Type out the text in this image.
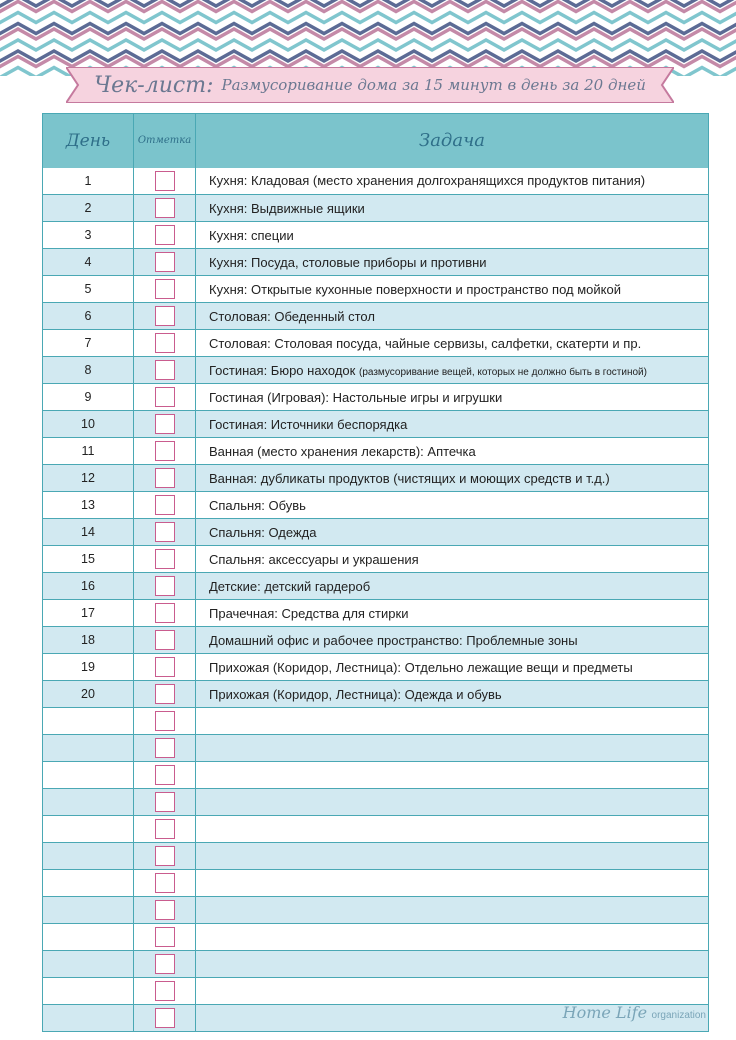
Чек-лист: Размусоривание дома за 15 минут в день за 20 дней
День	Отметка	Задача
1		Кухня: Кладовая (место хранения долгохранящихся продуктов питания)
2		Кухня: Выдвижные ящики
3		Кухня: специи
4		Кухня: Посуда, столовые приборы и противни
5		Кухня: Открытые кухонные поверхности и пространство под мойкой
6		Столовая: Обеденный стол
7		Столовая: Столовая посуда, чайные сервизы, салфетки, скатерти и пр.
8		Гостиная: Бюро находок (размусоривание вещей, которых не должно быть в гостиной)
9		Гостиная (Игровая): Настольные игры и игрушки
10		Гостиная: Источники беспорядка
11		Ванная (место хранения лекарств): Аптечка
12		Ванная: дубликаты продуктов (чистящих и моющих средств и т.д.)
13		Спальня: Обувь
14		Спальня: Одежда
15		Спальня: аксессуары и украшения
16		Детские: детский гардероб
17		Прачечная: Средства для стирки
18		Домашний офис и рабочее пространство: Проблемные зоны
19		Прихожая (Коридор, Лестница): Отдельно лежащие вещи и предметы
20		Прихожая (Коридор, Лестница): Одежда и обувь

Home Life organization
